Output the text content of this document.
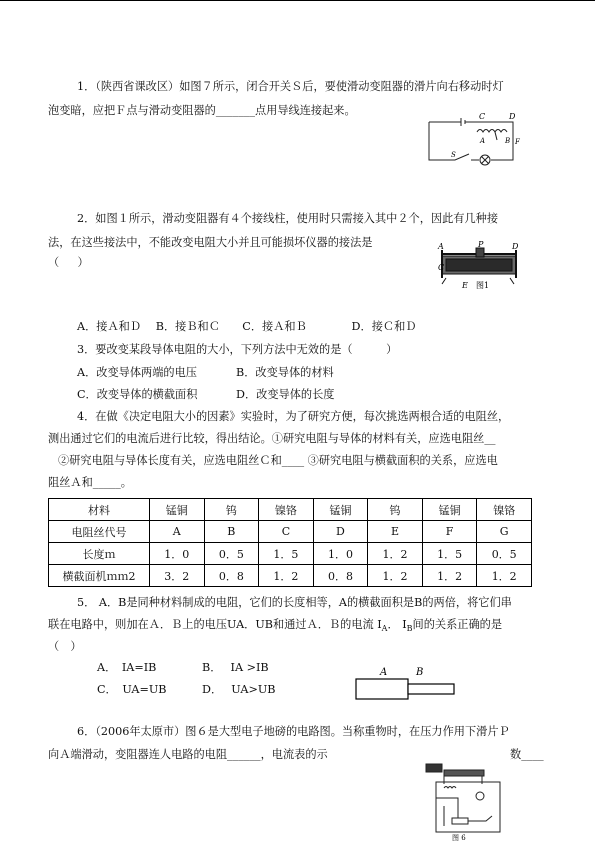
1．（陕西省课改区）如图７所示，闭合开关Ｓ后，要使滑动变阻器的滑片向右移动时灯
泡变暗，应把Ｆ点与滑动变阻器的_______点用导线连接起来。	C	D
A	B F
S
2．如图１所示，滑动变阻器有４个接线柱，使用时只需接入其中２个，因此有几种接
法，在这些接法中，不能改变电阻大小并且可能损坏仪器的接法是
（ 　 ）
A	P	D
C
E 图1
A．接Ａ和Ｄ　 B．接Ｂ和Ｃ　　C．接Ａ和Ｂ　　　　D．接Ｃ和Ｄ
3．要改变某段导体电阻的大小，下列方法中无效的是（　　　）
A．改变导体两端的电压	B．改变导体的材料
C．改变导体的横截面积	D．改变导体的长度
4．在做《决定电阻大小的因素》实验时，为了研究方便，每次挑选两根合适的电阻丝，
测出通过它们的电流后进行比较，得出结论。①研究电阻与导体的材料有关，应选电阻丝__
②研究电阻与导体长度有关，应选电阻丝Ｃ和____ ③研究电阻与横截面积的关系，应选电
阻丝Ａ和_____。
材料	锰铜	钨	镍铬	锰铜	钨	锰铜	镍铬
电阻丝代号	A	B	C	D	E	F	G
长度ｍ	1．0	0．5	1．5	1．0	1．2	1．5	0．5
横截面机ｍｍ2	3．2	0．8	1．2	0．8	1．2	1．2	1．2
5． A．B是同种材料制成的电阻，它们的长度相等，A的横截面积是B的两倍，将它们串
联在电路中，则加在Ａ．Ｂ上的电压UA．UB和通过Ａ．Ｂ的电流 $I_A$． $I_B$间的关系正确的是
（　）
A．　IA=IB	B．　 IA >IB
C．　UA=UB	D．　 UA>UB
A	B
6．（2006年太原市）图６是大型电子地磅的电路图。当称重物时，在压力作用下滑片Ｐ
向Ａ端滑动，变阻器连人电路的电阻______，电流表的示	数____
图 6
